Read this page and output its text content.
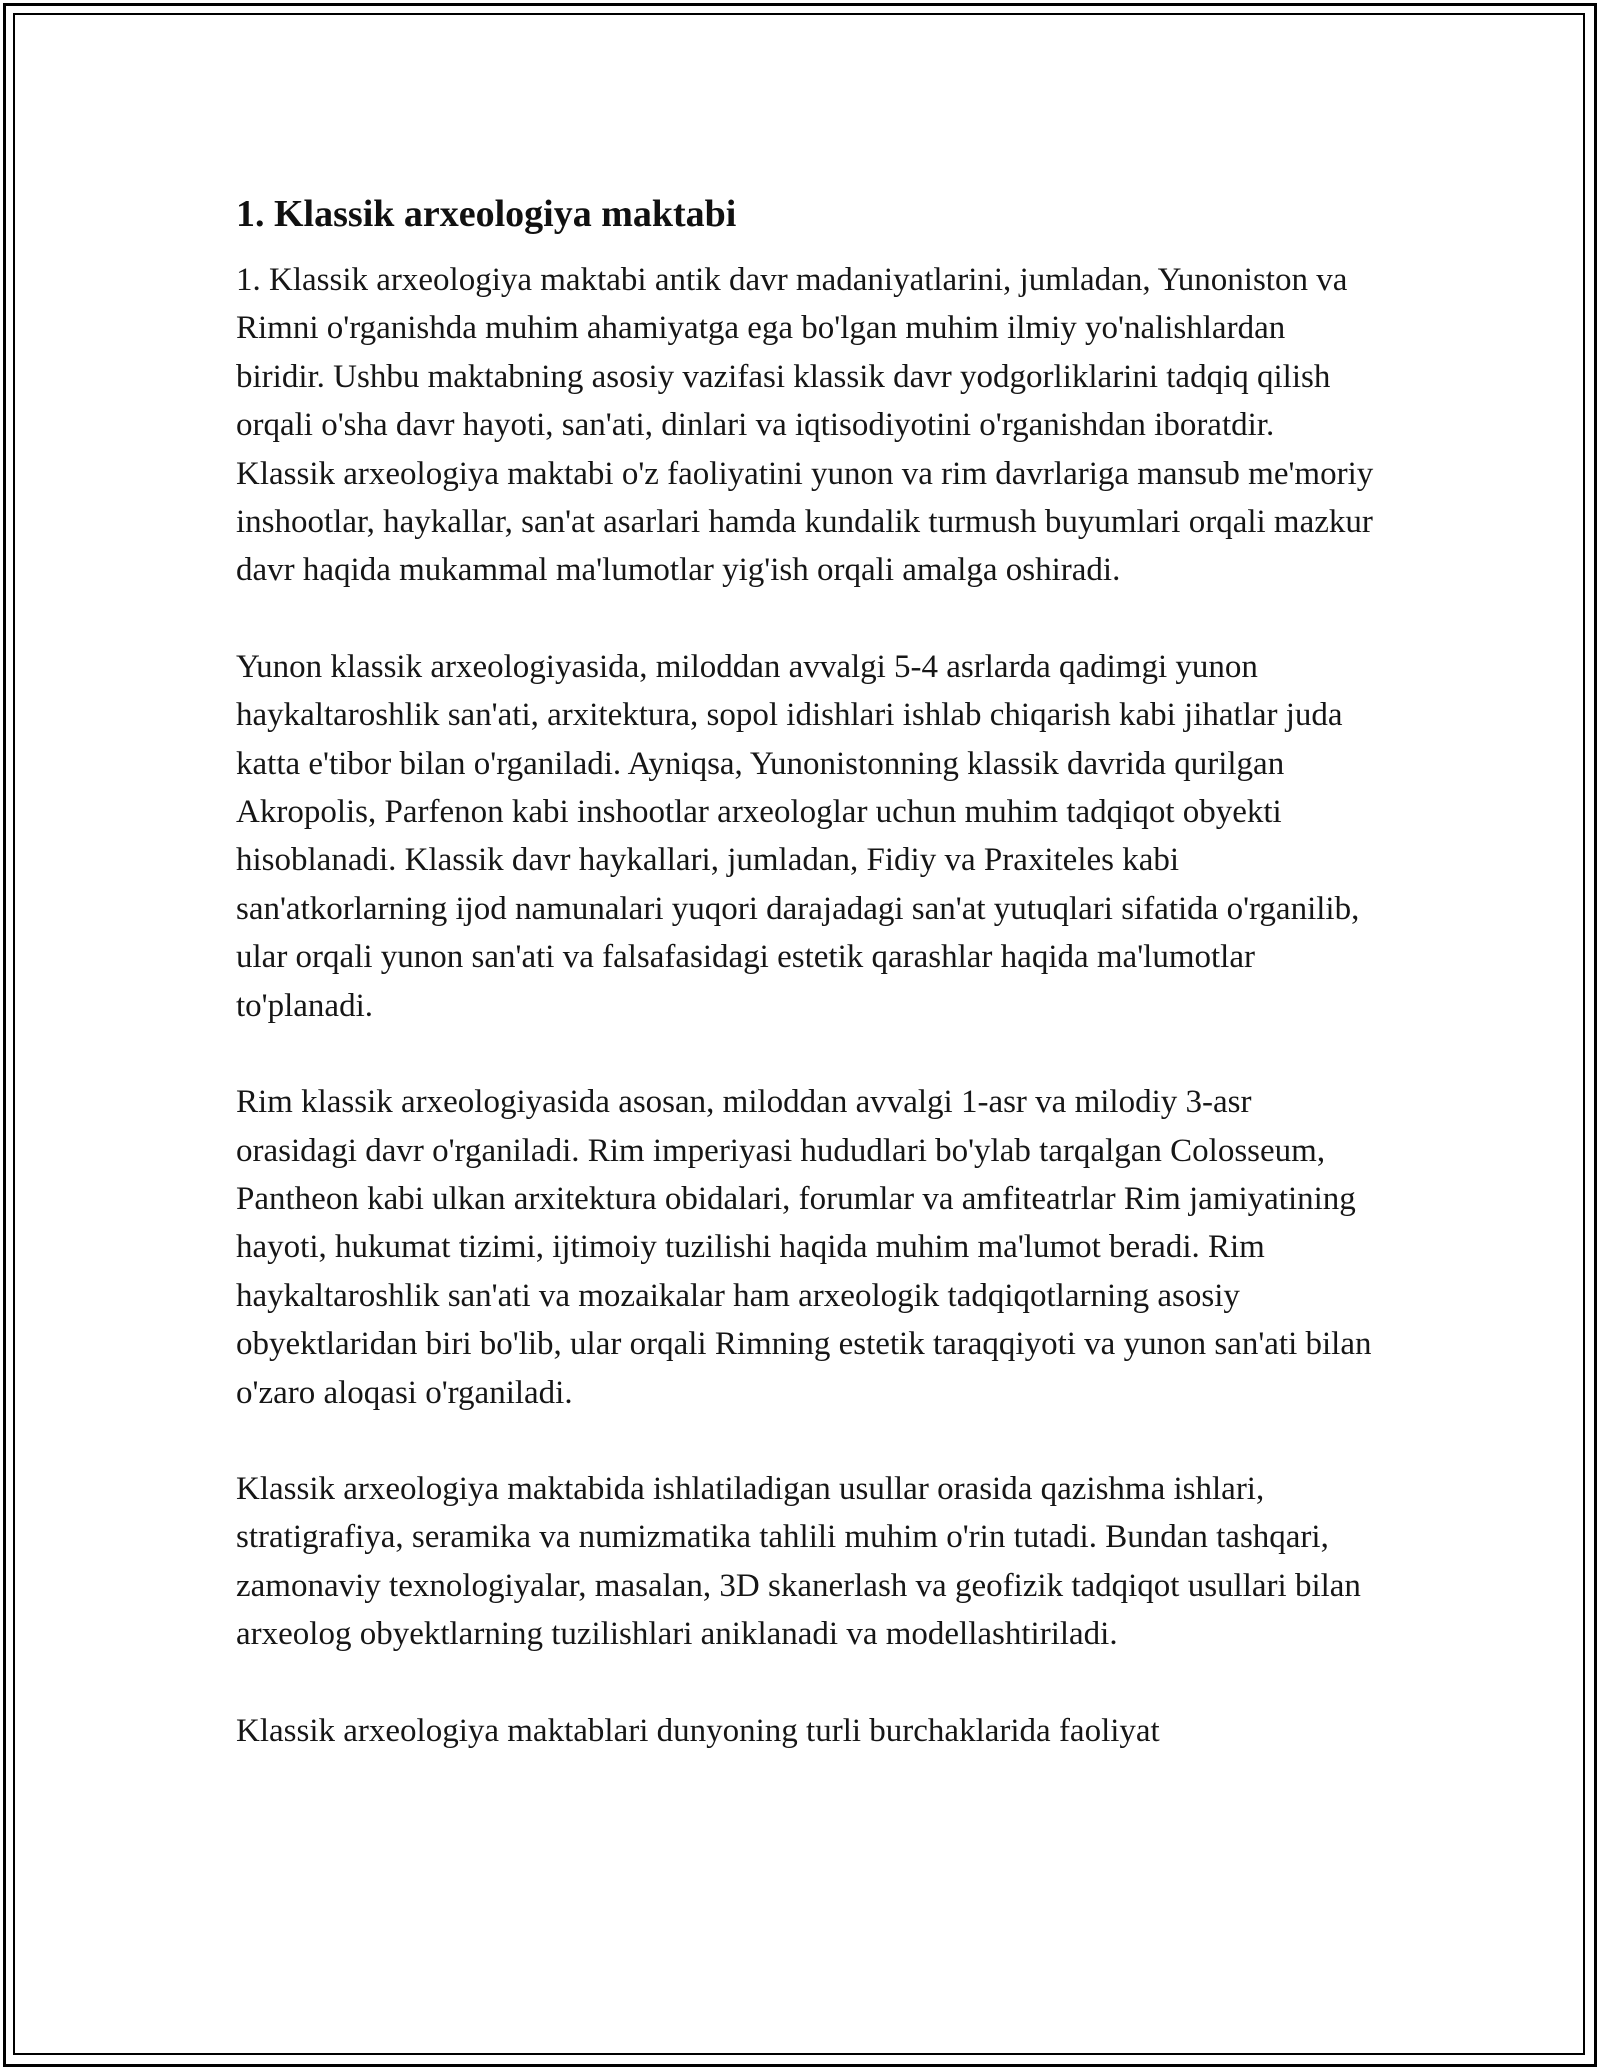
1. Klassik arxeologiya maktabi

1. Klassik arxeologiya maktabi antik davr madaniyatlarini, jumladan, Yunoniston va Rimni o'rganishda muhim ahamiyatga ega bo'lgan muhim ilmiy yo'nalishlardan biridir. Ushbu maktabning asosiy vazifasi klassik davr yodgorliklarini tadqiq qilish orqali o'sha davr hayoti, san'ati, dinlari va iqtisodiyotini o'rganishdan iboratdir. Klassik arxeologiya maktabi o'z faoliyatini yunon va rim davrlariga mansub me'moriy inshootlar, haykallar, san'at asarlari hamda kundalik turmush buyumlari orqali mazkur davr haqida mukammal ma'lumotlar yig'ish orqali amalga oshiradi.

Yunon klassik arxeologiyasida, miloddan avvalgi 5-4 asrlarda qadimgi yunon haykaltaroshlik san'ati, arxitektura, sopol idishlari ishlab chiqarish kabi jihatlar juda katta e'tibor bilan o'rganiladi. Ayniqsa, Yunonistonning klassik davrida qurilgan Akropolis, Parfenon kabi inshootlar arxeologlar uchun muhim tadqiqot obyekti hisoblanadi. Klassik davr haykallari, jumladan, Fidiy va Praxiteles kabi san'atkorlarning ijod namunalari yuqori darajadagi san'at yutuqlari sifatida o'rganilib, ular orqali yunon san'ati va falsafasidagi estetik qarashlar haqida ma'lumotlar to'planadi.

Rim klassik arxeologiyasida asosan, miloddan avvalgi 1-asr va milodiy 3-asr orasidagi davr o'rganiladi. Rim imperiyasi hududlari bo'ylab tarqalgan Colosseum, Pantheon kabi ulkan arxitektura obidalari, forumlar va amfiteatrlar Rim jamiyatining hayoti, hukumat tizimi, ijtimoiy tuzilishi haqida muhim ma'lumot beradi. Rim haykaltaroshlik san'ati va mozaikalar ham arxeologik tadqiqotlarning asosiy obyektlaridan biri bo'lib, ular orqali Rimning estetik taraqqiyoti va yunon san'ati bilan o'zaro aloqasi o'rganiladi.

Klassik arxeologiya maktabida ishlatiladigan usullar orasida qazishma ishlari, stratigrafiya, seramika va numizmatika tahlili muhim o'rin tutadi. Bundan tashqari, zamonaviy texnologiyalar, masalan, 3D skanerlash va geofizik tadqiqot usullari bilan arxeolog obyektlarning tuzilishlari aniklanadi va modellashtiriladi.

Klassik arxeologiya maktablari dunyoning turli burchaklarida faoliyat
